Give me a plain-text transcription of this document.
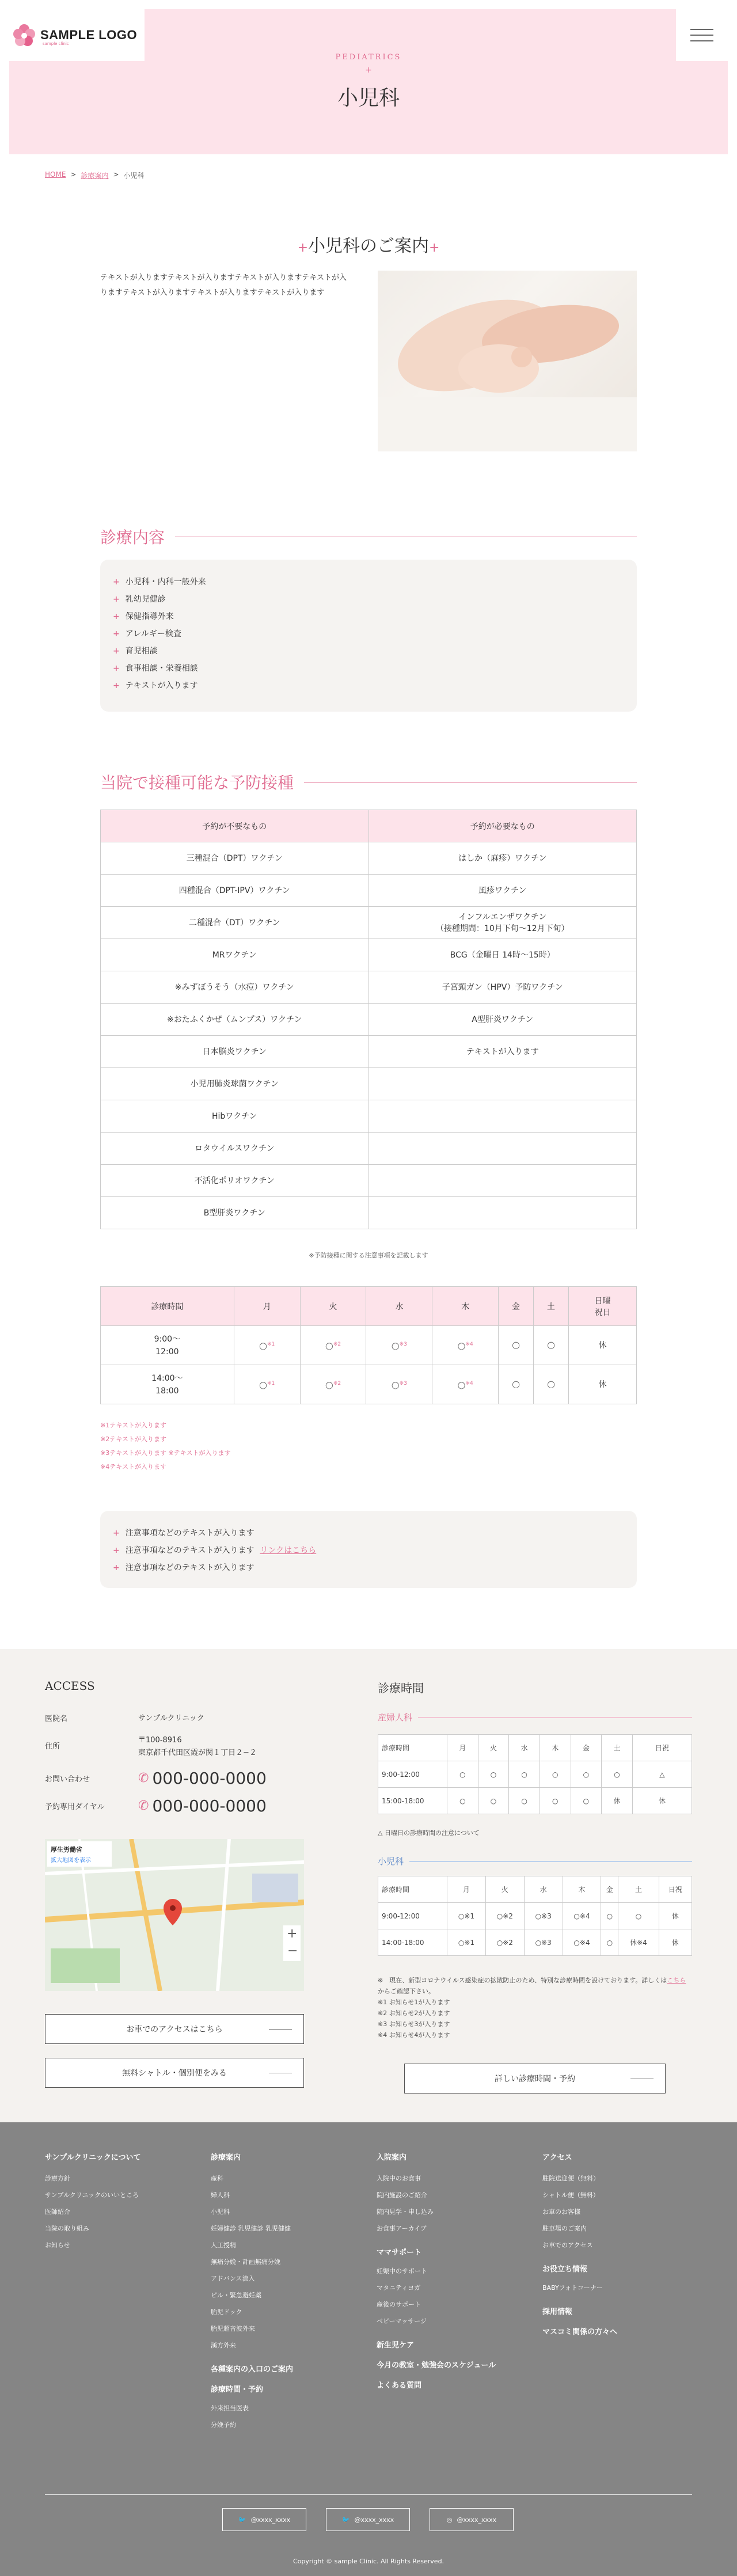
SAMPLE LOGO
sample clinic
PEDIATRICS
+
小児科
HOME > 診療案内 > 小児科
+小児科のご案内+

テキストが入りますテキストが入りますテキストが入りますテキストが入りますテキストが入りますテキストが入りますテキストが入ります

診療内容
+ 小児科・内科一般外来
+ 乳幼児健診
+ 保健指導外来
+ アレルギー検査
+ 育児相談
+ 食事相談・栄養相談
+ テキストが入ります
当院で接種可能な予防接種
予約が不要なもの	予約が必要なもの
三種混合（DPT）ワクチン	はしか（麻疹）ワクチン

四種混合（DPT-IPV）ワクチン	風疹ワクチン

二種混合（DT）ワクチン	インフルエンザワクチン
（接種期間：10月下旬〜12月下旬）

MRワクチン	BCG（金曜日 14時〜15時）

※みずぼうそう（水痘）ワクチン	子宮頸ガン（HPV）予防ワクチン

※おたふくかぜ（ムンプス）ワクチン	A型肝炎ワクチン

日本脳炎ワクチン	テキストが入ります

小児用肺炎球菌ワクチン	

Hibワクチン	

ロタウイルスワクチン	

不活化ポリオワクチン	

B型肝炎ワクチン	
※予防接種に関する注意事項を記載します
診療時間	月	火	水	木	金	土	日曜
祝日

9:00〜
12:00	○$^{※1}$	○$^{※2}$	○$^{※3}$	○$^{※4}$	○	○	休

14:00〜
18:00	○$^{※1}$	○$^{※2}$	○$^{※3}$	○$^{※4}$	○	○	休
※1テキストが入ります
※2テキストが入ります
※3テキストが入ります ※テキストが入ります
※4テキストが入ります
+ 注意事項などのテキストが入ります
+ 注意事項などのテキストが入ります リンクはこちら
+ 注意事項などのテキストが入ります
ACCESS
医院名	サンプルクリニック
住所
〒100-8916
東京都千代田区霞が関１丁目２−２
お問い合わせ	✆ 000-000-0000
予約専用ダイヤル	✆ 000-000-0000
厚生労働省
拡大地図を表示
+
−
お車でのアクセスはこちら
無料シャトル・個別便をみる
診療時間
産婦人科
診療時間	月	火	水	木	金	土	日祝
9:00-12:00	○	○	○	○	○	○	△
15:00-18:00	○	○	○	○	○	休	休
△ 日曜日の診療時間の注意について
小児科
診療時間	月	火	水	木	金	土	日祝
9:00-12:00	○※1	○※2	○※3	○※4	○	○	休
14:00-18:00	○※1	○※2	○※3	○※4	○	休※4	休
※　現在、新型コロナウイルス感染症の拡散防止のため、特別な診療時間を設けております。詳しくはこちらからご確認下さい。
※1 お知らせ1が入ります
※2 お知らせ2が入ります
※3 お知らせ3が入ります
※4 お知らせ4が入ります
詳しい診療時間・予約
サンプルクリニックについて
診療方針
サンプルクリニックのいいところ
医師紹介
当院の取り組み
お知らせ
診療案内
産科
婦人科
小児科
妊婦健診 乳児健診 乳児健健
人工授精
無痛分娩・計画無痛分娩
アドバンス流入
ピル・緊急避妊薬
胎児ドック
胎児超音波外来
漢方外来
各種案内の入口のご案内
診療時間・予約
外来担当医表
分娩予約
入院案内
入院中のお食事
院内施設のご紹介
院内見学・申し込み
お食事アーカイブ
ママサポート
妊娠中のサポート
マタニティヨガ
産後のサポート
ベビーマッサージ
新生児ケア
今月の教室・勉強会のスケジュール
よくある質問
アクセス
駐院送迎便（無料）
シャトル便（無料）
お車のお客様
駐車場のご案内
お車でのアクセス
お役立ち情報
BABYフォトコーナー
採用情報
マスコミ関係の方々へ
🐦 @xxxx_xxxx	🐦 @xxxx_xxxx	◎ @xxxx_xxxx
Copyright © sample Clinic. All Rights Reserved.
